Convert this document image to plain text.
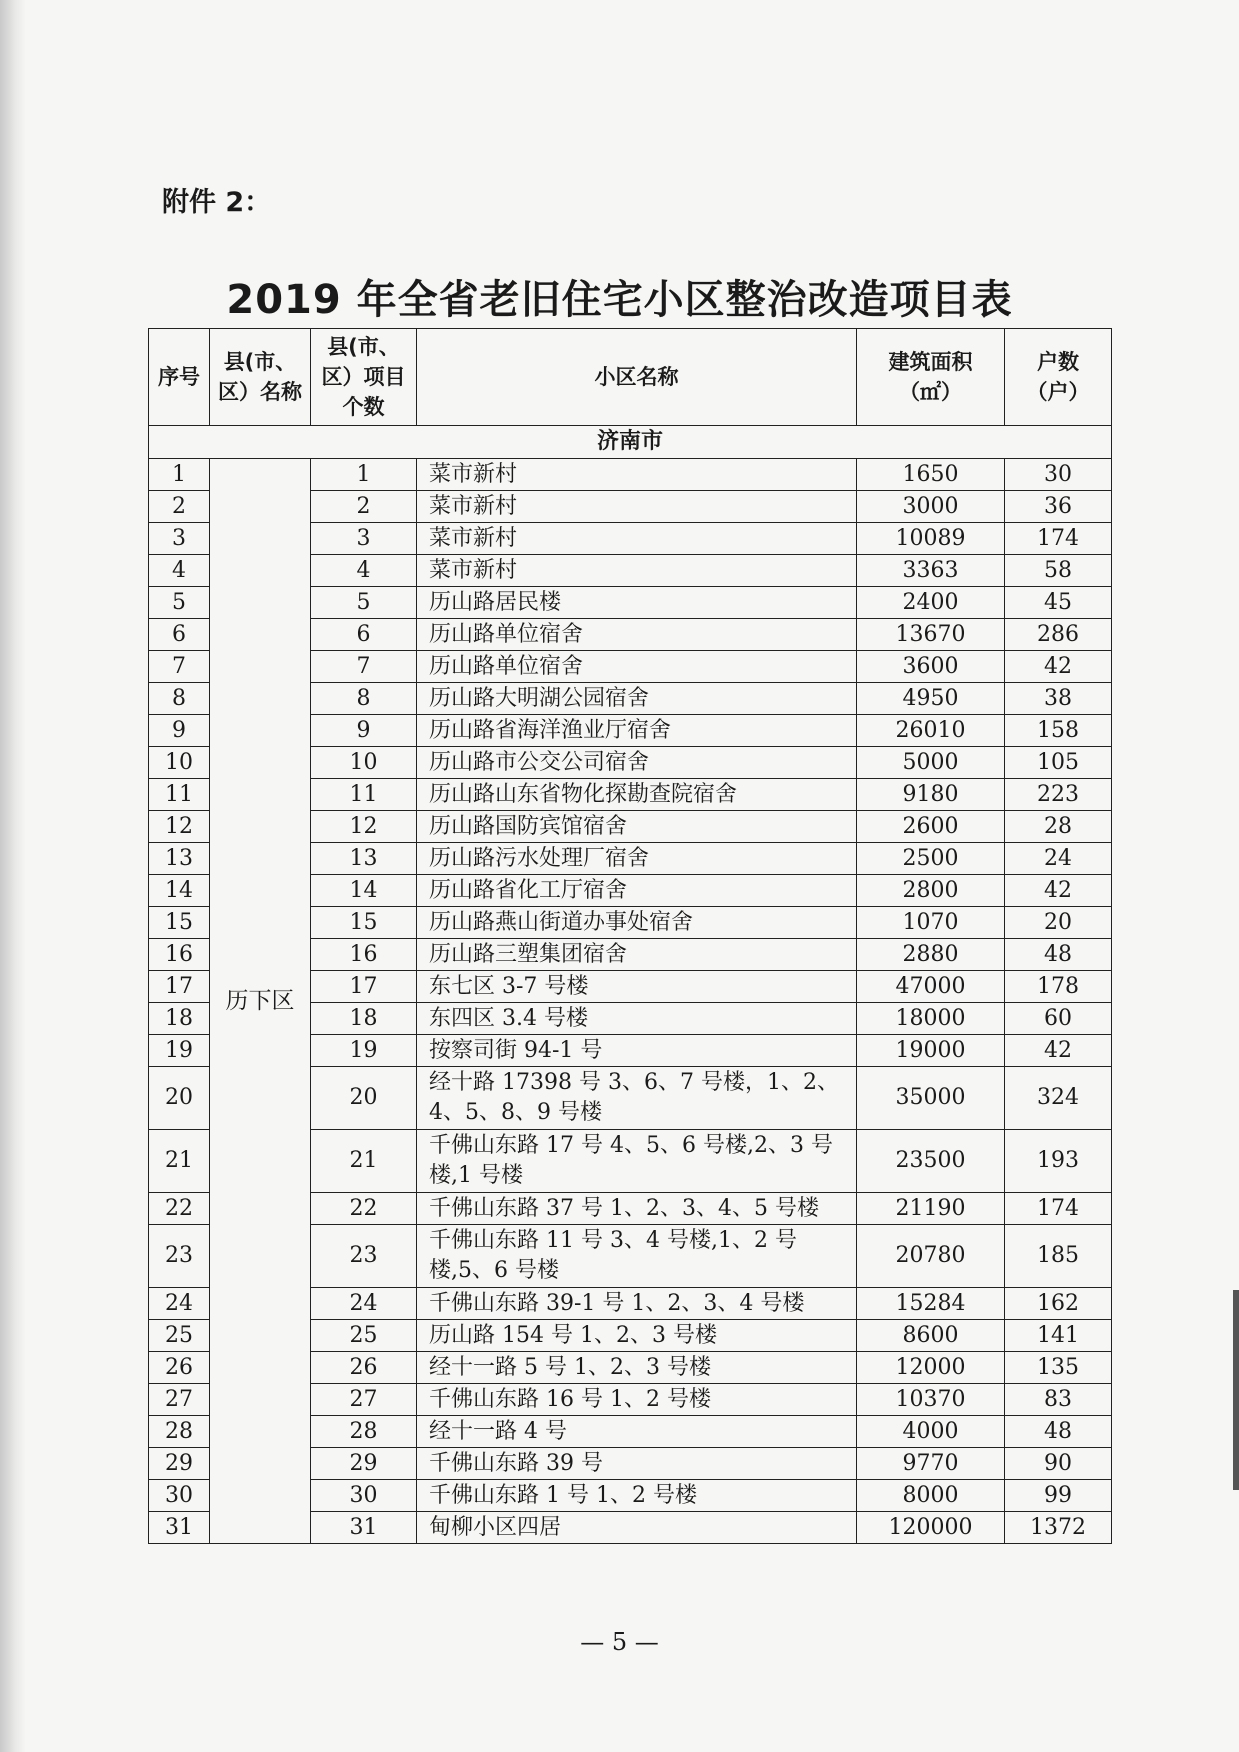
附件 2：
2019 年全省老旧住宅小区整治改造项目表
序号	县(市、区）名称	县(市、区）项目个数	小区名称	建筑面积（㎡）	户数（户）
济南市					
1	历下区	1	菜市新村	1650	30
2		2	菜市新村	3000	36
3		3	菜市新村	10089	174
4		4	菜市新村	3363	58
5		5	历山路居民楼	2400	45
6		6	历山路单位宿舍	13670	286
7		7	历山路单位宿舍	3600	42
8		8	历山路大明湖公园宿舍	4950	38
9		9	历山路省海洋渔业厅宿舍	26010	158
10		10	历山路市公交公司宿舍	5000	105
11		11	历山路山东省物化探勘查院宿舍	9180	223
12		12	历山路国防宾馆宿舍	2600	28
13		13	历山路污水处理厂宿舍	2500	24
14		14	历山路省化工厅宿舍	2800	42
15		15	历山路燕山街道办事处宿舍	1070	20
16		16	历山路三塑集团宿舍	2880	48
17		17	东七区 3-7 号楼	47000	178
18		18	东四区 3.4 号楼	18000	60
19		19	按察司街 94-1 号	19000	42
20		20	经十路 17398 号 3、6、7 号楼，1、2、4、5、8、9 号楼	35000	324
21		21	千佛山东路 17 号 4、5、6 号楼,2、3 号楼,1 号楼	23500	193
22		22	千佛山东路 37 号 1、2、3、4、5 号楼	21190	174
23		23	千佛山东路 11 号 3、4 号楼,1、2 号楼,5、6 号楼	20780	185
24		24	千佛山东路 39-1 号 1、2、3、4 号楼	15284	162
25		25	历山路 154 号 1、2、3 号楼	8600	141
26		26	经十一路 5 号 1、2、3 号楼	12000	135
27		27	千佛山东路 16 号 1、2 号楼	10370	83
28		28	经十一路 4 号	4000	48
29		29	千佛山东路 39 号	9770	90
30		30	千佛山东路 1 号 1、2 号楼	8000	99
31		31	甸柳小区四居	120000	1372
— 5 —
